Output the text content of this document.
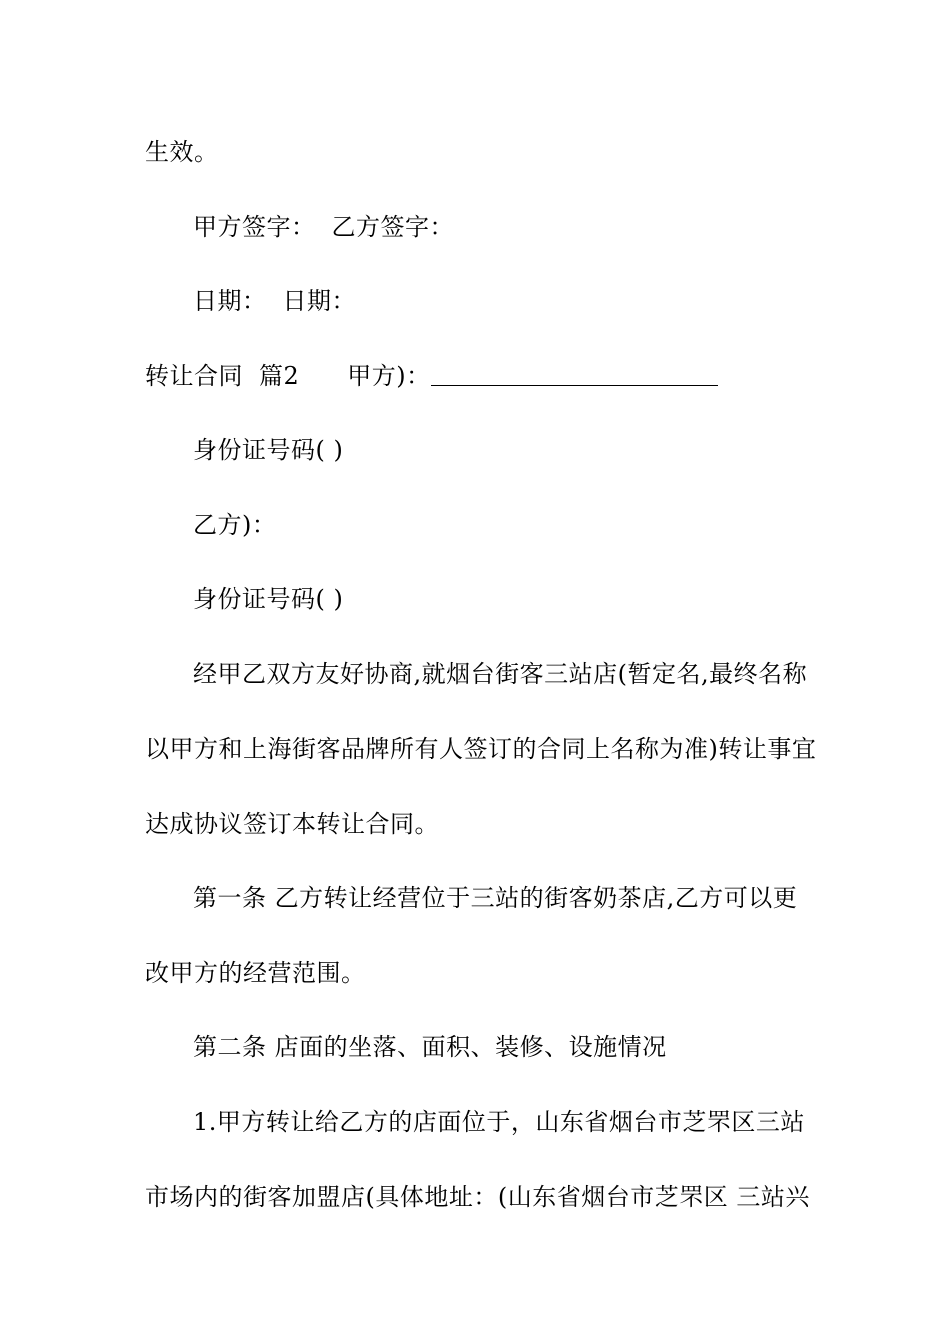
生效。
甲方签字： 乙方签字：
日期： 日期：
转让合同 篇2 甲方)：
身份证号码( )
乙方)：
身份证号码( )
经甲乙双方友好协商,就烟台街客三站店(暂定名,最终名称
以甲方和上海街客品牌所有人签订的合同上名称为准)转让事宜
达成协议签订本转让合同。
第一条 乙方转让经营位于三站的街客奶茶店,乙方可以更
改甲方的经营范围。
第二条 店面的坐落、面积、装修、设施情况
1.甲方转让给乙方的店面位于，山东省烟台市芝罘区三站
市场内的街客加盟店(具体地址：(山东省烟台市芝罘区 三站兴
